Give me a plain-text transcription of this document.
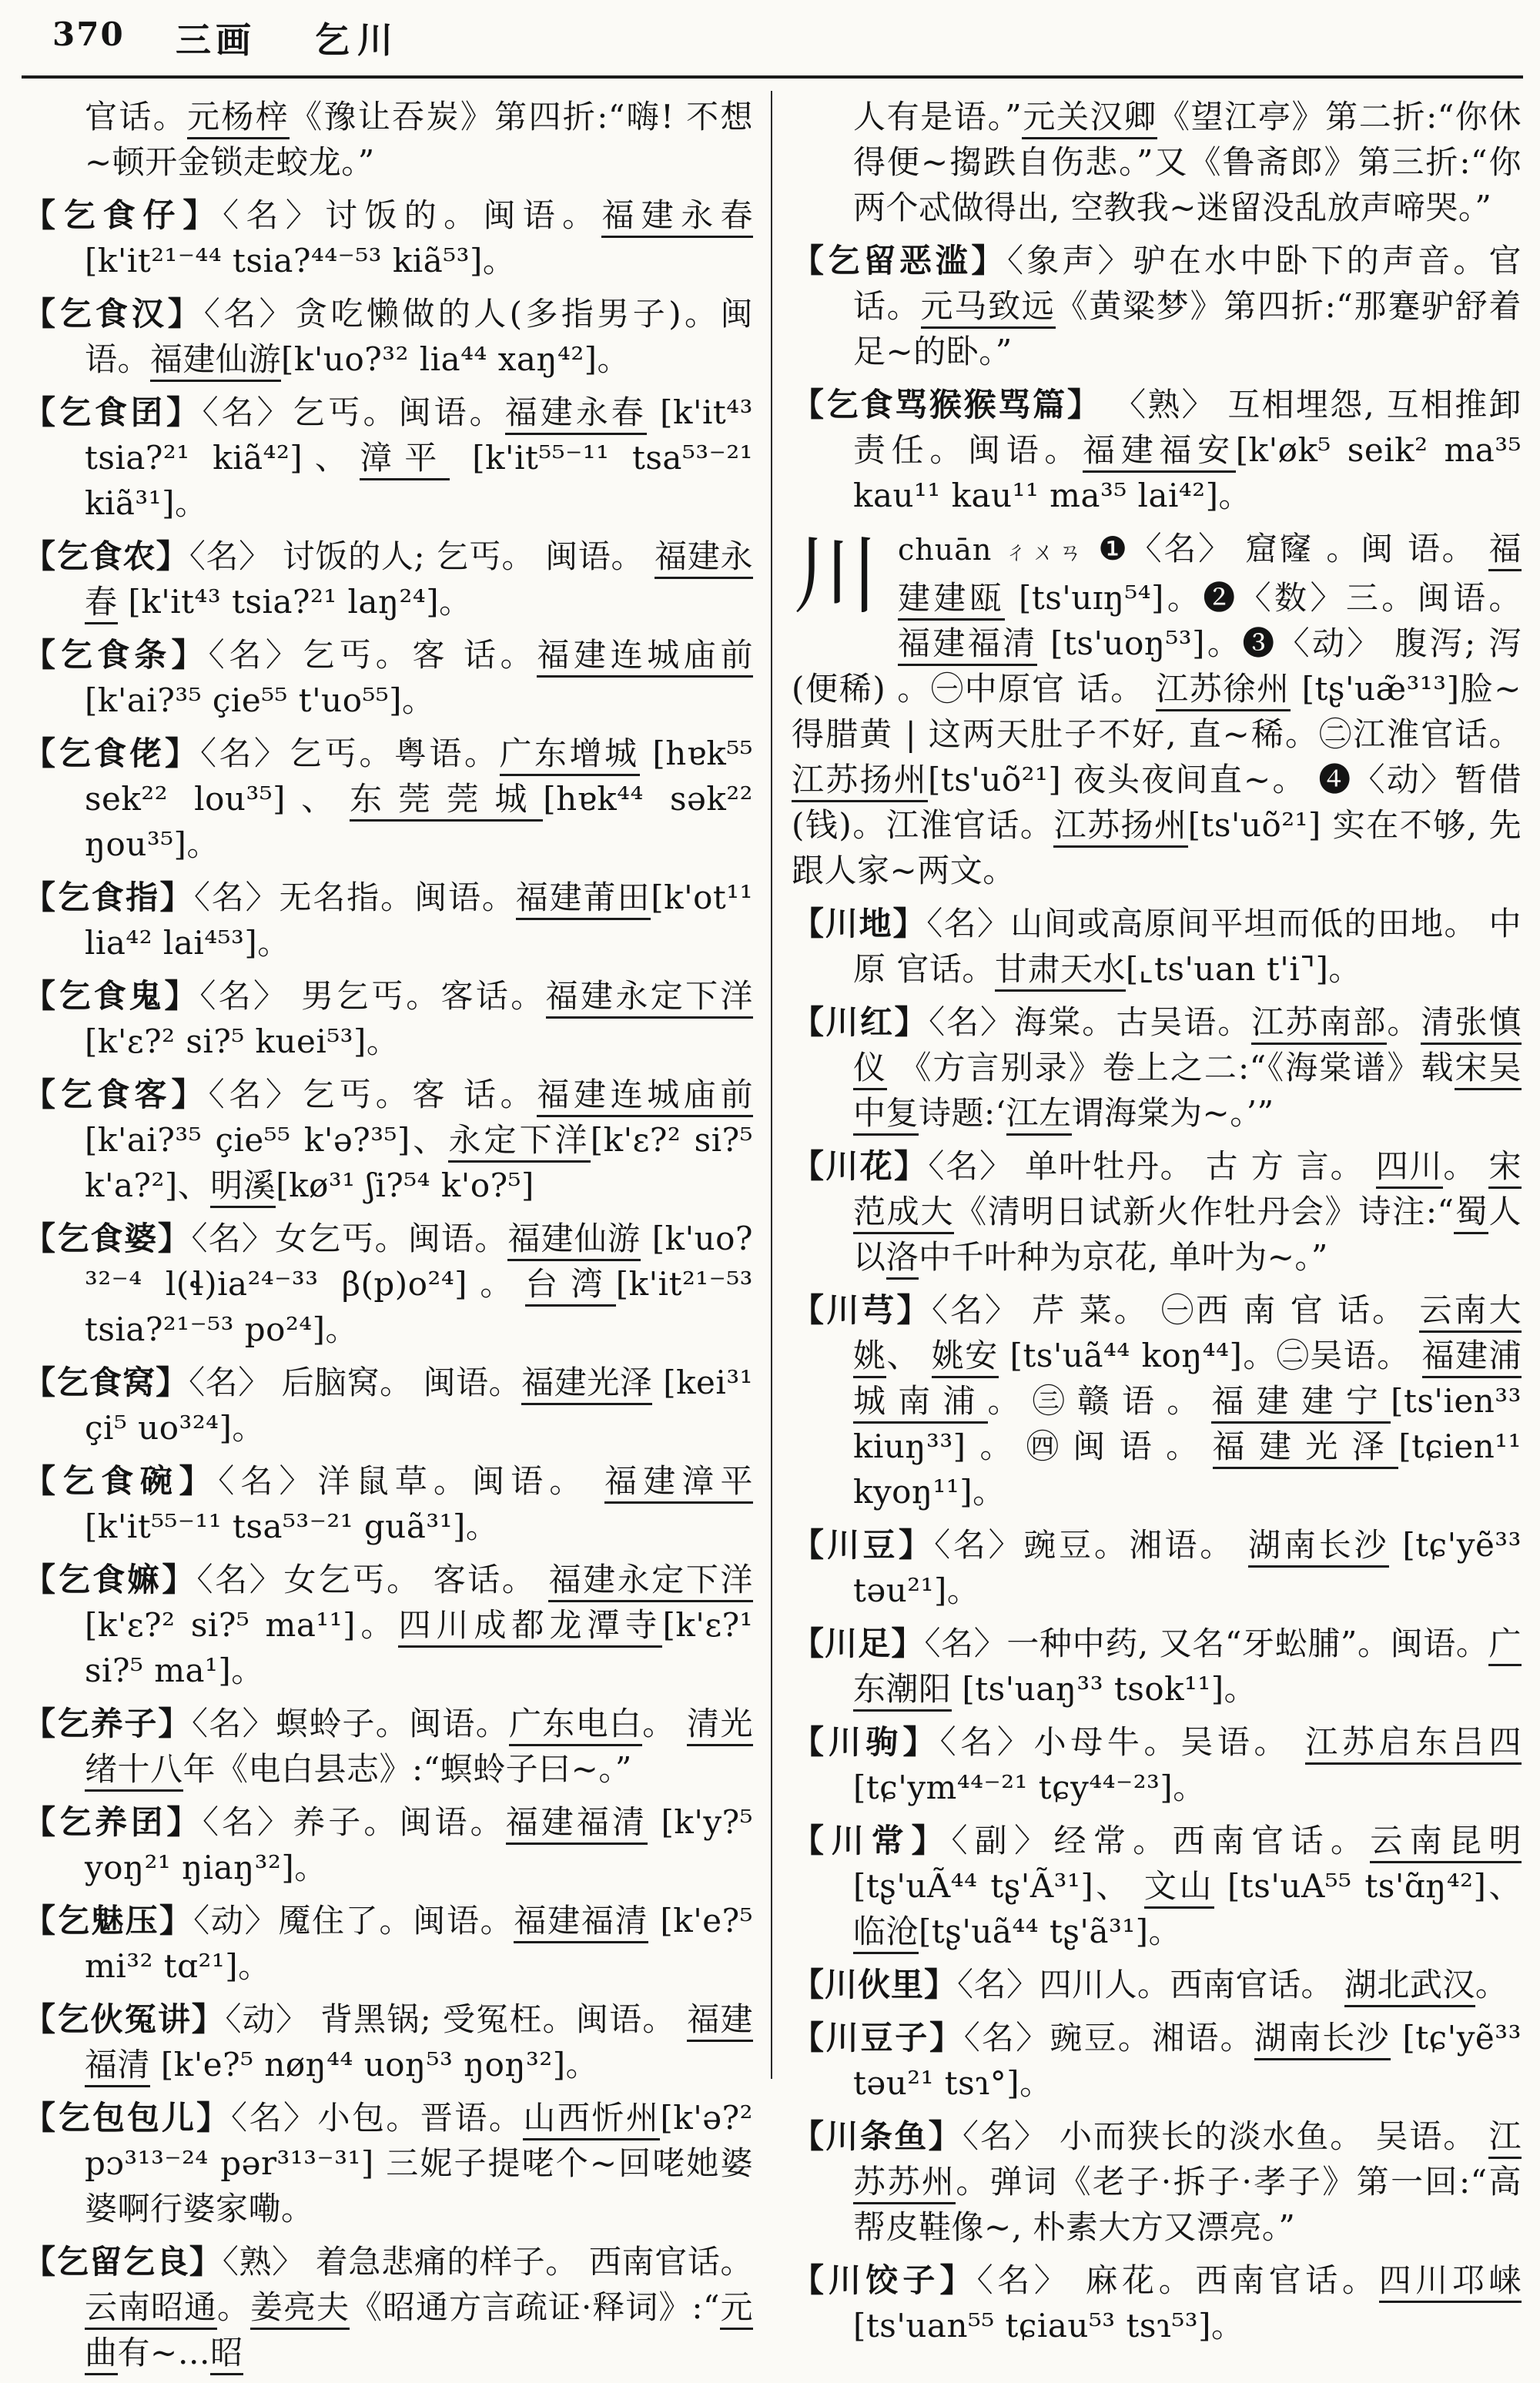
370 三画 乞川
官话。元杨梓《豫让吞炭》第四折:“嗨! 不想~顿开金锁走蛟龙。”
【乞食仔】〈名〉讨饭的。闽语。福建永春 [k'it²¹⁻⁴⁴ tsia?⁴⁴⁻⁵³ kiã⁵³]。
【乞食汉】〈名〉贪吃懒做的人(多指男子)。闽语。福建仙游[k'uo?³² lia⁴⁴ xaŋ⁴²]。
【乞食囝】〈名〉乞丐。闽语。福建永春 [k'it⁴³ tsia?²¹ kiã⁴²]、漳平 [k'it⁵⁵⁻¹¹ tsa⁵³⁻²¹ kiã³¹]。
【乞食农】〈名〉 讨饭的人; 乞丐。 闽语。 福建永春 [k'it⁴³ tsia?²¹ laŋ²⁴]。
【乞食条】〈名〉乞丐。客 话。福建连城庙前 [k'ai?³⁵ çie⁵⁵ t'uo⁵⁵]。
【乞食佬】〈名〉乞丐。粤语。广东增城 [hɐk⁵⁵ sek²² lou³⁵]、东莞莞城[hɐk⁴⁴ sək²² ŋou³⁵]。
【乞食指】〈名〉无名指。闽语。福建莆田[k'ot¹¹ lia⁴² lai⁴⁵³]。
【乞食鬼】〈名〉 男乞丐。客话。福建永定下洋[k'ɛ?² si?⁵ kuei⁵³]。
【乞食客】〈名〉乞丐。客 话。福建连城庙前 [k'ai?³⁵ çie⁵⁵ k'ə?³⁵]、永定下洋[k'ɛ?² si?⁵ k'a?²]、明溪[kø³¹ ʃi?⁵⁴ k'o?⁵]
【乞食婆】〈名〉女乞丐。闽语。福建仙游 [k'uo?³²⁻⁴ l(ɬ)ia²⁴⁻³³ β(p)o²⁴]。台湾[k'it²¹⁻⁵³ tsia?²¹⁻⁵³ po²⁴]。
【乞食窝】〈名〉 后脑窝。 闽语。福建光泽 [kei³¹ çi⁵ uo³²⁴]。
【乞食碗】〈名〉洋鼠草。闽语。 福建漳平 [k'it⁵⁵⁻¹¹ tsa⁵³⁻²¹ guã³¹]。
【乞食嫲】〈名〉女乞丐。 客话。 福建永定下洋[k'ɛ?² si?⁵ ma¹¹]。四川成都龙潭寺[k'ɛ?¹ si?⁵ ma¹]。
【乞养子】〈名〉螟蛉子。闽语。广东电白。 清光绪十八年《电白县志》:“螟蛉子曰~。”
【乞养囝】〈名〉养子。闽语。福建福清 [k'y?⁵ yoŋ²¹ ŋiaŋ³²]。
【乞魅压】〈动〉魇住了。闽语。福建福清 [k'e?⁵ mi³² tɑ²¹]。
【乞伙冤讲】〈动〉 背黑锅; 受冤枉。闽语。 福建福清 [k'e?⁵ nøŋ⁴⁴ uoŋ⁵³ ŋoŋ³²]。
【乞包包儿】〈名〉小包。晋语。山西忻州[k'ə?² pɔ³¹³⁻²⁴ pər³¹³⁻³¹] 三妮子提咾个~回咾她婆婆啊行婆家嘞。
【乞留乞良】〈熟〉 着急悲痛的样子。 西南官话。云南昭通。姜亮夫《昭通方言疏证·释词》:“元曲有~…昭
人有是语。”元关汉卿《望江亭》第二折:“你休得便~搊跌自伤悲。”又《鲁斋郎》第三折:“你两个忒做得出, 空教我~迷留没乱放声啼哭。”
【乞留恶滥】〈象声〉驴在水中卧下的声音。官话。元马致远《黄粱梦》第四折:“那蹇驴舒着足~的卧。”
【乞食骂猴猴骂篇】 〈熟〉 互相埋怨, 互相推卸责任。闽语。福建福安[k'øk⁵ seik² ma³⁵ kau¹¹ kau¹¹ ma³⁵ lai⁴²]。
川chuān ㄔㄨㄢ ❶〈名〉 窟窿 。闽 语。 福建建瓯 [ts'uɪŋ⁵⁴]。❷〈数〉三。闽语。 福建福清 [ts'uoŋ⁵³]。❸〈动〉 腹泻; 泻 (便稀) 。㊀中原官 话。 江苏徐州 [tʂ'uæ̃³¹³]脸~得腊黄 | 这两天肚子不好, 直~稀。㊁江淮官话。江苏扬州[ts'uõ²¹] 夜头夜间直~。 ❹〈动〉暂借(钱)。江淮官话。江苏扬州[ts'uõ²¹] 实在不够, 先跟人家~两文。
【川地】〈名〉山间或高原间平坦而低的田地。 中原 官话。甘肃天水[⌞ts'uan t'i⌝]。
【川红】〈名〉海棠。古吴语。江苏南部。清张慎仪 《方言别录》卷上之二:“《海棠谱》载宋吴中复诗题:‘江左谓海棠为~。’”
【川花】〈名〉 单叶牡丹。 古 方 言。 四川。 宋范成大《清明日试新火作牡丹会》诗注:“蜀人以洛中千叶种为京花, 单叶为~。”
【川芎】〈名〉 芹 菜。 ㊀西 南 官 话。 云南大姚、 姚安 [ts'uã⁴⁴ koŋ⁴⁴]。㊁吴语。 福建浦城南浦。㊂赣语。福建建宁[ts'ien³³ kiuŋ³³]。㊃闽语。福建光泽[tɕien¹¹ kyoŋ¹¹]。
【川豆】〈名〉豌豆。湘语。 湖南长沙 [tɕ'yẽ³³ təu²¹]。
【川足】〈名〉一种中药, 又名“牙蚣脯”。闽语。广东潮阳 [ts'uaŋ³³ tsok¹¹]。
【川驹】〈名〉小母牛。吴语。 江苏启东吕四[tɕ'ym⁴⁴⁻²¹ tɕy⁴⁴⁻²³]。
【川常】〈副〉经常。西南官话。云南昆明[tʂ'uÃ⁴⁴ tʂ'Ã³¹]、 文山 [ts'uA⁵⁵ ts'ɑ̃ŋ⁴²]、临沧[tʂ'uã⁴⁴ tʂ'ã³¹]。
【川伙里】〈名〉四川人。西南官话。 湖北武汉。
【川豆子】〈名〉豌豆。湘语。湖南长沙 [tɕ'yẽ³³ təu²¹ tsɿ°]。
【川条鱼】〈名〉 小而狭长的淡水鱼。 吴语。 江苏苏州。弹词《老子·拆子·孝子》第一回:“高帮皮鞋像~, 朴素大方又漂亮。”
【川饺子】〈名〉 麻花。西南官话。四川邛崃[ts'uan⁵⁵ tɕiau⁵³ tsɿ⁵³]。
